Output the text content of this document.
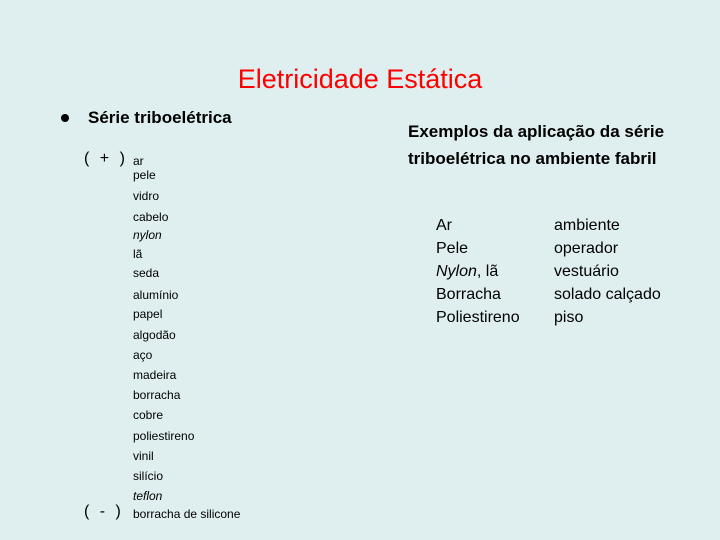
Eletricidade Estática
Série triboelétrica
( + )
( - )
ar
pele
vidro
cabelo
nylon
lã
seda
alumínio
papel
algodão
aço
madeira
borracha
cobre
poliestireno
vinil
silício
teflon
borracha de silicone
Exemplos da aplicação da série
triboelétrica no ambiente fabril
Ar
Pele
Nylon, lã
Borracha
Poliestireno
ambiente
operador
vestuário
solado calçado
piso
